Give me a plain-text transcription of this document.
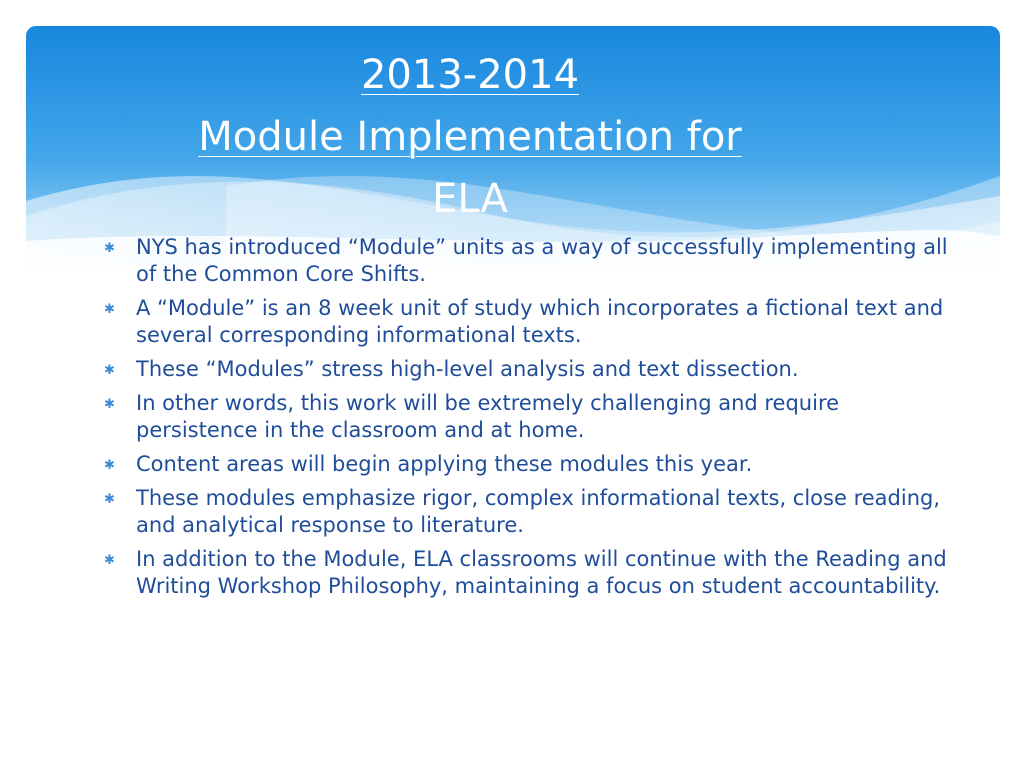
2013-2014
Module Implementation for
ELA
✱ NYS has introduced “Module” units as a way of successfully implementing all of the Common Core Shifts.
✱ A “Module” is an 8 week unit of study which incorporates a fictional text and several corresponding informational texts.
✱ These “Modules” stress high-level analysis and text dissection.
✱ In other words, this work will be extremely challenging and require persistence in the classroom and at home.
✱ Content areas will begin applying these modules this year.
✱ These modules emphasize rigor, complex informational texts, close reading, and analytical response to literature.
✱ In addition to the Module, ELA classrooms will continue with the Reading and Writing Workshop Philosophy, maintaining a focus on student accountability.
